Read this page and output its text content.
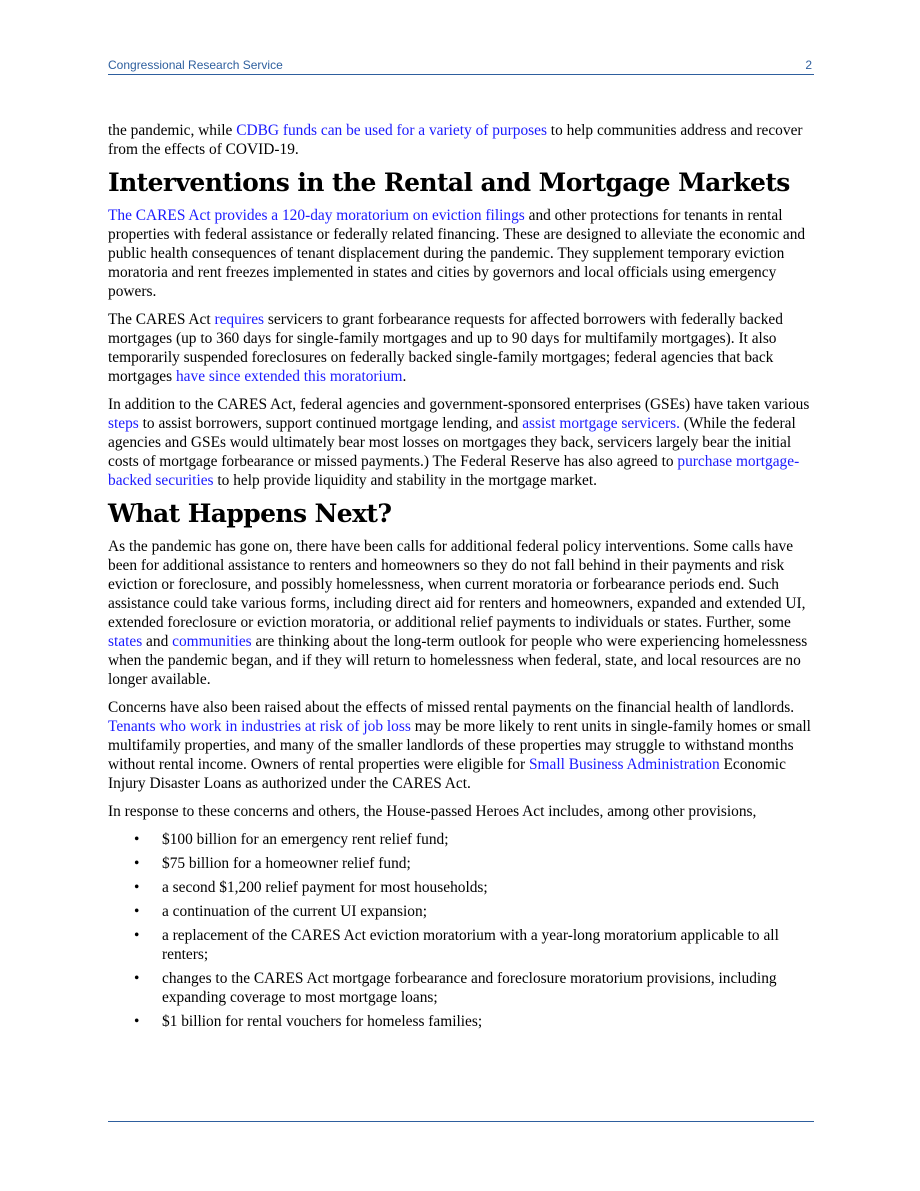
Congressional Research Service	2

the pandemic, while CDBG funds can be used for a variety of purposes to help communities address and recover from the effects of COVID-19.

Interventions in the Rental and Mortgage Markets

The CARES Act provides a 120-day moratorium on eviction filings and other protections for tenants in rental properties with federal assistance or federally related financing. These are designed to alleviate the economic and public health consequences of tenant displacement during the pandemic. They supplement temporary eviction moratoria and rent freezes implemented in states and cities by governors and local officials using emergency powers.

The CARES Act requires servicers to grant forbearance requests for affected borrowers with federally backed mortgages (up to 360 days for single-family mortgages and up to 90 days for multifamily mortgages). It also temporarily suspended foreclosures on federally backed single-family mortgages; federal agencies that back mortgages have since extended this moratorium.

In addition to the CARES Act, federal agencies and government-sponsored enterprises (GSEs) have taken various steps to assist borrowers, support continued mortgage lending, and assist mortgage servicers. (While the federal agencies and GSEs would ultimately bear most losses on mortgages they back, servicers largely bear the initial costs of mortgage forbearance or missed payments.) The Federal Reserve has also agreed to purchase mortgage-backed securities to help provide liquidity and stability in the mortgage market.

What Happens Next?

As the pandemic has gone on, there have been calls for additional federal policy interventions. Some calls have been for additional assistance to renters and homeowners so they do not fall behind in their payments and risk eviction or foreclosure, and possibly homelessness, when current moratoria or forbearance periods end. Such assistance could take various forms, including direct aid for renters and homeowners, expanded and extended UI, extended foreclosure or eviction moratoria, or additional relief payments to individuals or states. Further, some states and communities are thinking about the long-term outlook for people who were experiencing homelessness when the pandemic began, and if they will return to homelessness when federal, state, and local resources are no longer available.

Concerns have also been raised about the effects of missed rental payments on the financial health of landlords. Tenants who work in industries at risk of job loss may be more likely to rent units in single-family homes or small multifamily properties, and many of the smaller landlords of these properties may struggle to withstand months without rental income. Owners of rental properties were eligible for Small Business Administration Economic Injury Disaster Loans as authorized under the CARES Act.

In response to these concerns and others, the House-passed Heroes Act includes, among other provisions,

• $100 billion for an emergency rent relief fund;
• $75 billion for a homeowner relief fund;
• a second $1,200 relief payment for most households;
• a continuation of the current UI expansion;
• a replacement of the CARES Act eviction moratorium with a year-long moratorium applicable to all renters;
• changes to the CARES Act mortgage forbearance and foreclosure moratorium provisions, including expanding coverage to most mortgage loans;
• $1 billion for rental vouchers for homeless families;
